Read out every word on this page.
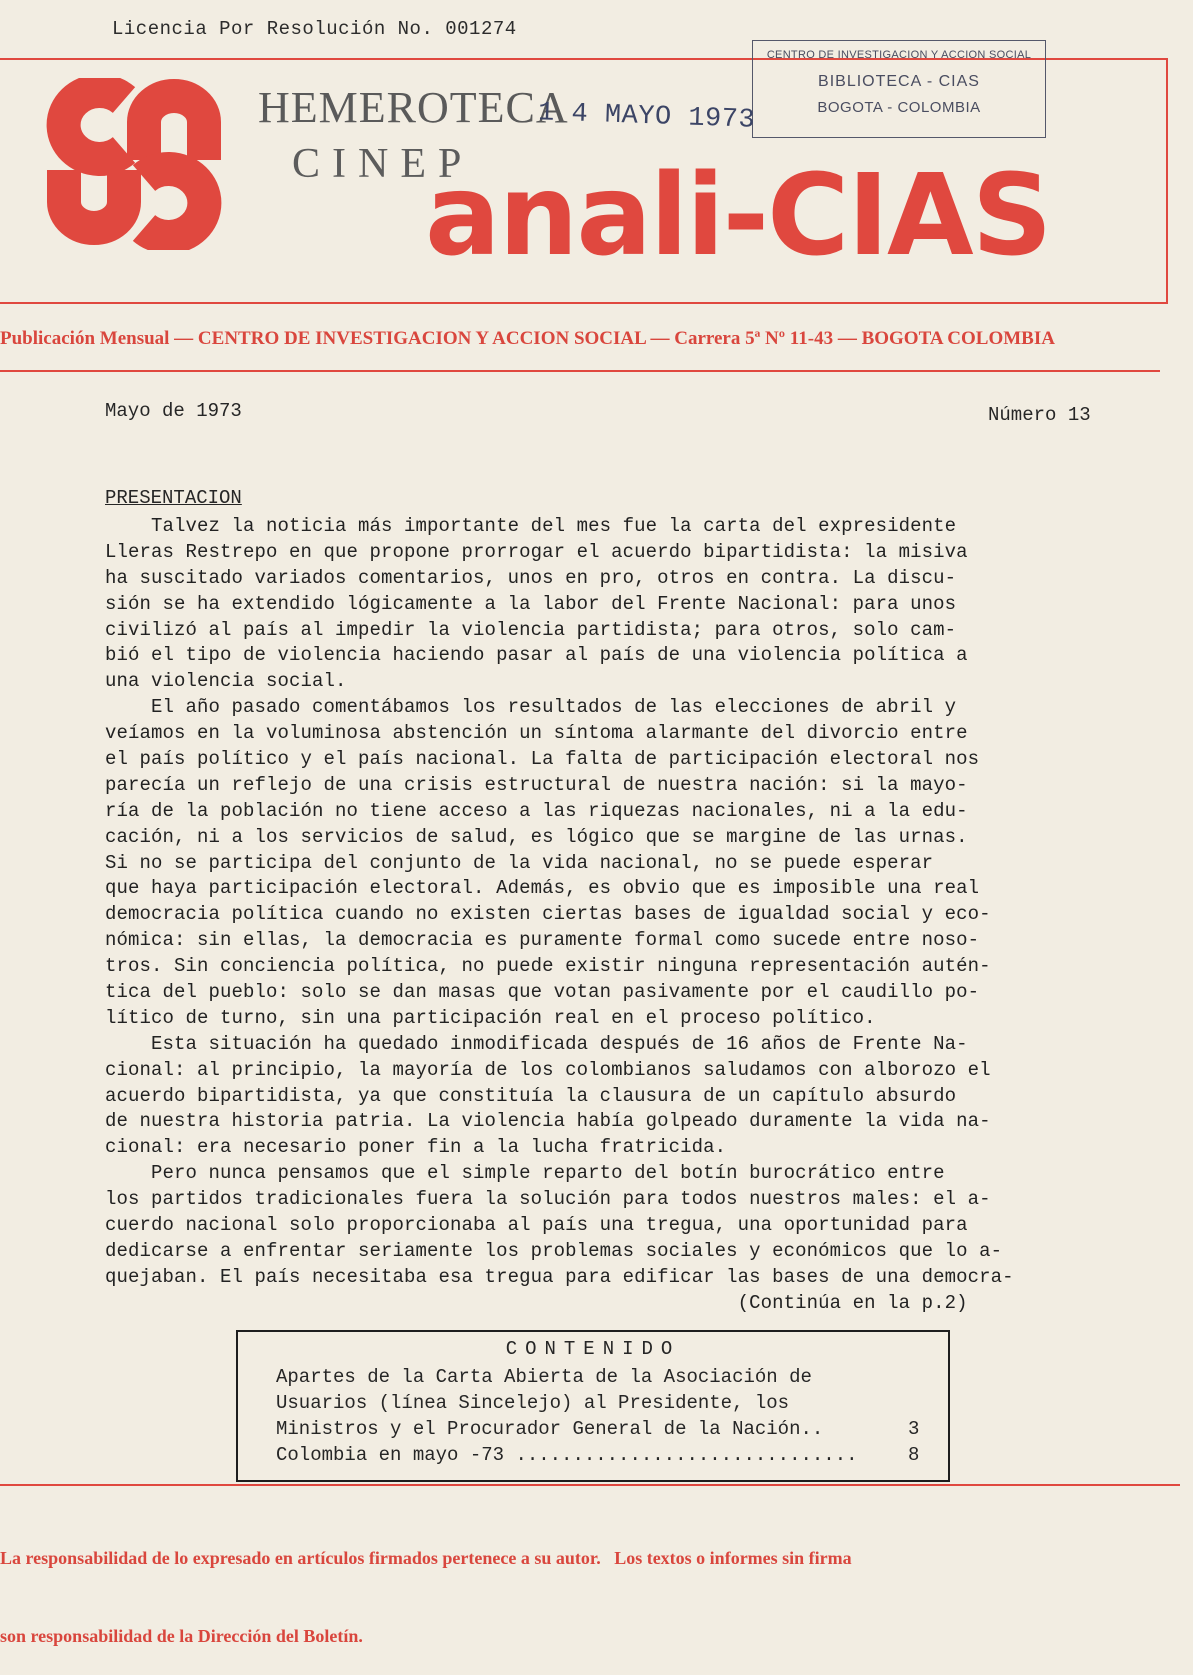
Licencia Por Resolución No. 001274
CENTRO DE INVESTIGACION Y ACCION SOCIAL
BIBLIOTECA - CIAS
BOGOTA - COLOMBIA
HEMEROTECA
1 4 MAYO 1973
CINEP
anali-CIAS
Publicación Mensual — CENTRO DE INVESTIGACION Y ACCION SOCIAL — Carrera 5ª Nº 11-43 — BOGOTA COLOMBIA
Mayo de 1973	Número 13
PRESENTACION
Talvez la noticia más importante del mes fue la carta del expresidente
Lleras Restrepo en que propone prorrogar el acuerdo bipartidista: la misiva
ha suscitado variados comentarios, unos en pro, otros en contra. La discu-
sión se ha extendido lógicamente a la labor del Frente Nacional: para unos
civilizó al país al impedir la violencia partidista; para otros, solo cam-
bió el tipo de violencia haciendo pasar al país de una violencia política a
una violencia social.
El año pasado comentábamos los resultados de las elecciones de abril y
veíamos en la voluminosa abstención un síntoma alarmante del divorcio entre
el país político y el país nacional. La falta de participación electoral nos
parecía un reflejo de una crisis estructural de nuestra nación: si la mayo-
ría de la población no tiene acceso a las riquezas nacionales, ni a la edu-
cación, ni a los servicios de salud, es lógico que se margine de las urnas.
Si no se participa del conjunto de la vida nacional, no se puede esperar
que haya participación electoral. Además, es obvio que es imposible una real
democracia política cuando no existen ciertas bases de igualdad social y eco-
nómica: sin ellas, la democracia es puramente formal como sucede entre noso-
tros. Sin conciencia política, no puede existir ninguna representación autén-
tica del pueblo: solo se dan masas que votan pasivamente por el caudillo po-
lítico de turno, sin una participación real en el proceso político.
Esta situación ha quedado inmodificada después de 16 años de Frente Na-
cional: al principio, la mayoría de los colombianos saludamos con alborozo el
acuerdo bipartidista, ya que constituía la clausura de un capítulo absurdo
de nuestra historia patria. La violencia había golpeado duramente la vida na-
cional: era necesario poner fin a la lucha fratricida.
Pero nunca pensamos que el simple reparto del botín burocrático entre
los partidos tradicionales fuera la solución para todos nuestros males: el a-
cuerdo nacional solo proporcionaba al país una tregua, una oportunidad para
dedicarse a enfrentar seriamente los problemas sociales y económicos que lo a-
quejaban. El país necesitaba esa tregua para edificar las bases de una democra-
(Continúa en la p.2)
CONTENIDO
Apartes de la Carta Abierta de la Asociación de
Usuarios (línea Sincelejo) al Presidente, los
Ministros y el Procurador General de la Nación..	3
Colombia en mayo -73 ..............................	8

La responsabilidad de lo expresado en artículos firmados pertenece a su autor.   Los textos o informes sin firma

son responsabilidad de la Dirección del Boletín.
